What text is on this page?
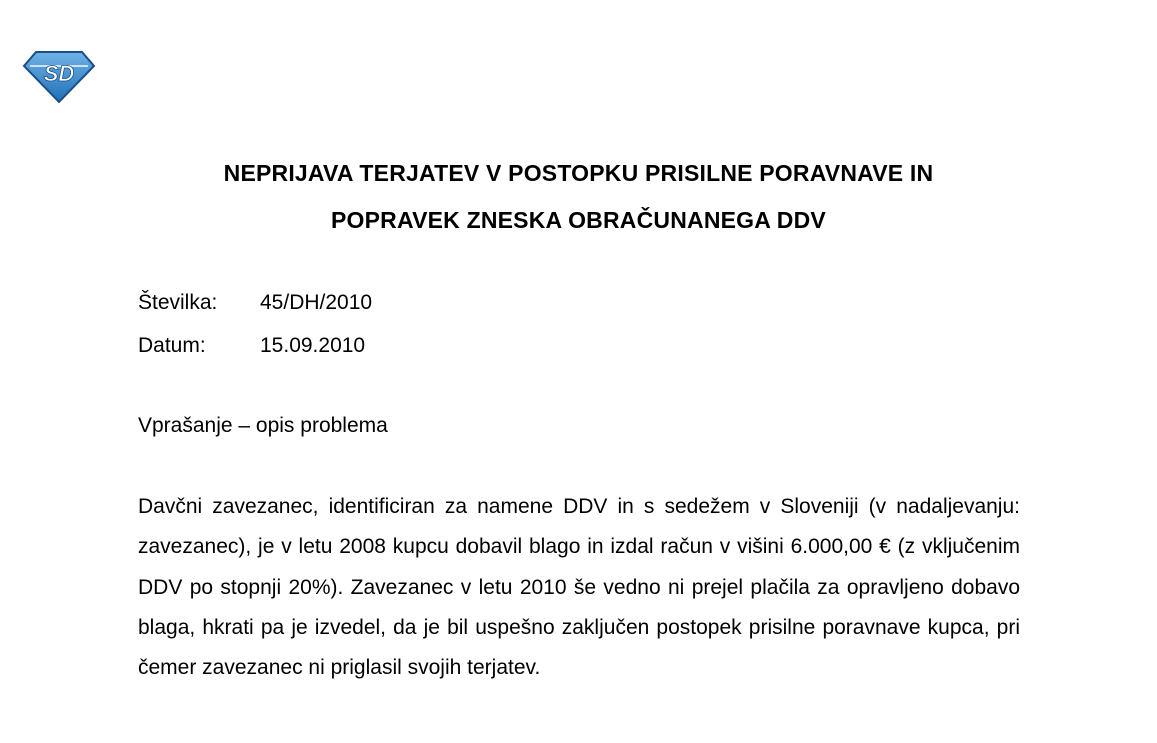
SD
NEPRIJAVA TERJATEV V POSTOPKU PRISILNE PORAVNAVE IN
POPRAVEK ZNESKA OBRAČUNANEGA DDV
Številka: 45/DH/2010
Datum:	15.09.2010
Vprašanje – opis problema
Davčni zavezanec, identificiran za namene DDV in s sedežem v Sloveniji (v nadaljevanju: zavezanec), je v letu 2008 kupcu dobavil blago in izdal račun v višini 6.000,00 € (z vključenim DDV po stopnji 20%). Zavezanec v letu 2010 še vedno ni prejel plačila za opravljeno dobavo blaga, hkrati pa je izvedel, da je bil uspešno zaključen postopek prisilne poravnave kupca, pri čemer zavezanec ni priglasil svojih terjatev.
